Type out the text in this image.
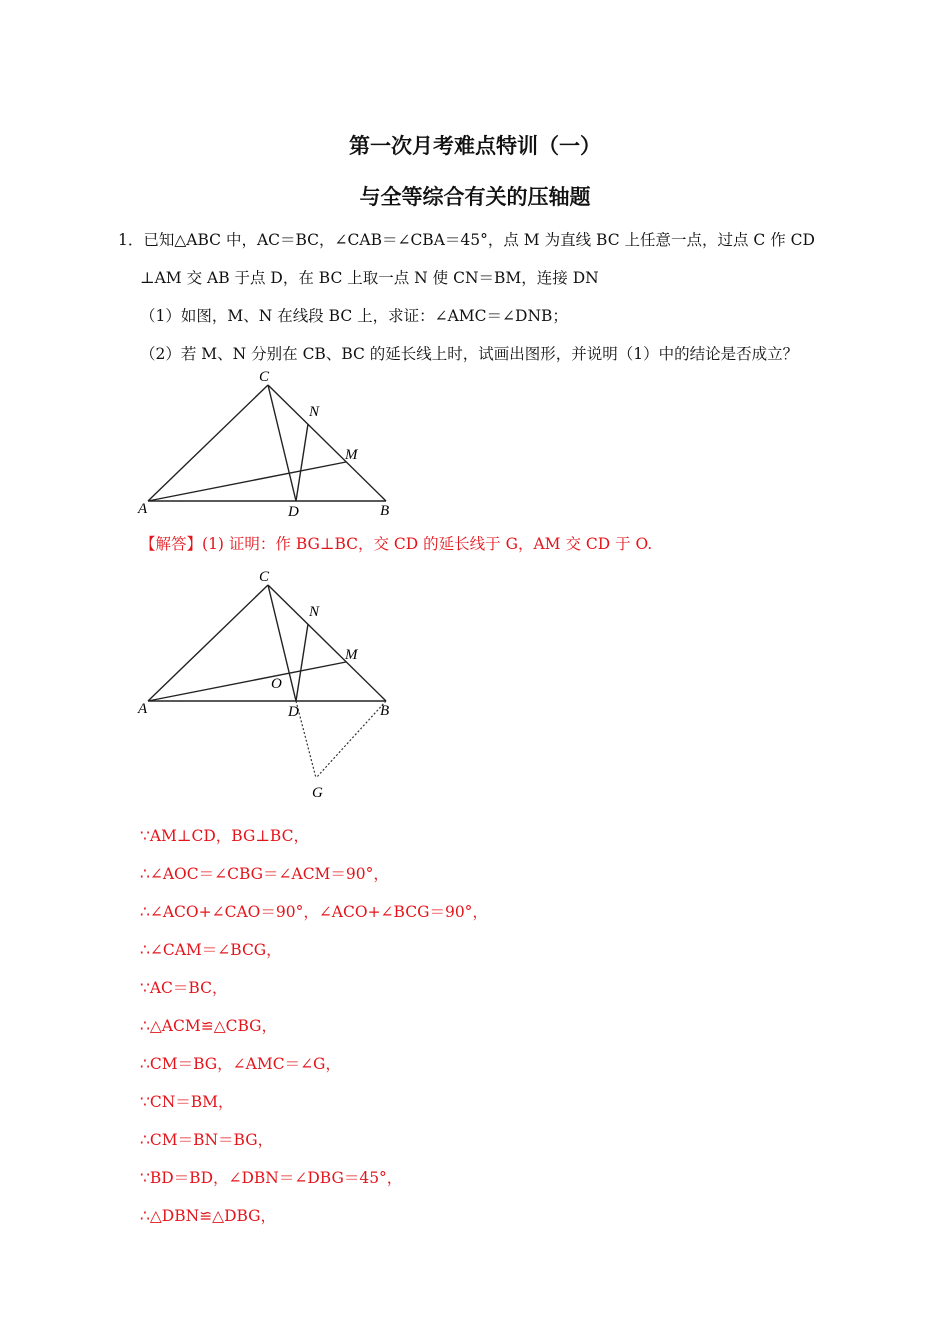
第一次月考难点特训（一）
与全等综合有关的压轴题
1．已知△ABC 中，AC＝BC，∠CAB＝∠CBA＝45°，点 M 为直线 BC 上任意一点，过点 C 作 CD
⊥AM 交 AB 于点 D，在 BC 上取一点 N 使 CN＝BM，连接 DN
（1）如图，M、N 在线段 BC 上，求证：∠AMC＝∠DNB；
（2）若 M、N 分别在 CB、BC 的延长线上时，试画出图形，并说明（1）中的结论是否成立？
A	B
C
D
M
N
【解答】(1) 证明：作 BG⊥BC，交 CD 的延长线于 G，AM 交 CD 于 O.
A	B
C
D
M
N
O
G
∵AM⊥CD，BG⊥BC，
∴∠AOC＝∠CBG＝∠ACM＝90°，
∴∠ACO+∠CAO＝90°，∠ACO+∠BCG＝90°，
∴∠CAM＝∠BCG，
∵AC＝BC，
∴△ACM≌△CBG，
∴CM＝BG，∠AMC＝∠G，
∵CN＝BM，
∴CM＝BN＝BG，
∵BD＝BD，∠DBN＝∠DBG＝45°，
∴△DBN≌△DBG，
